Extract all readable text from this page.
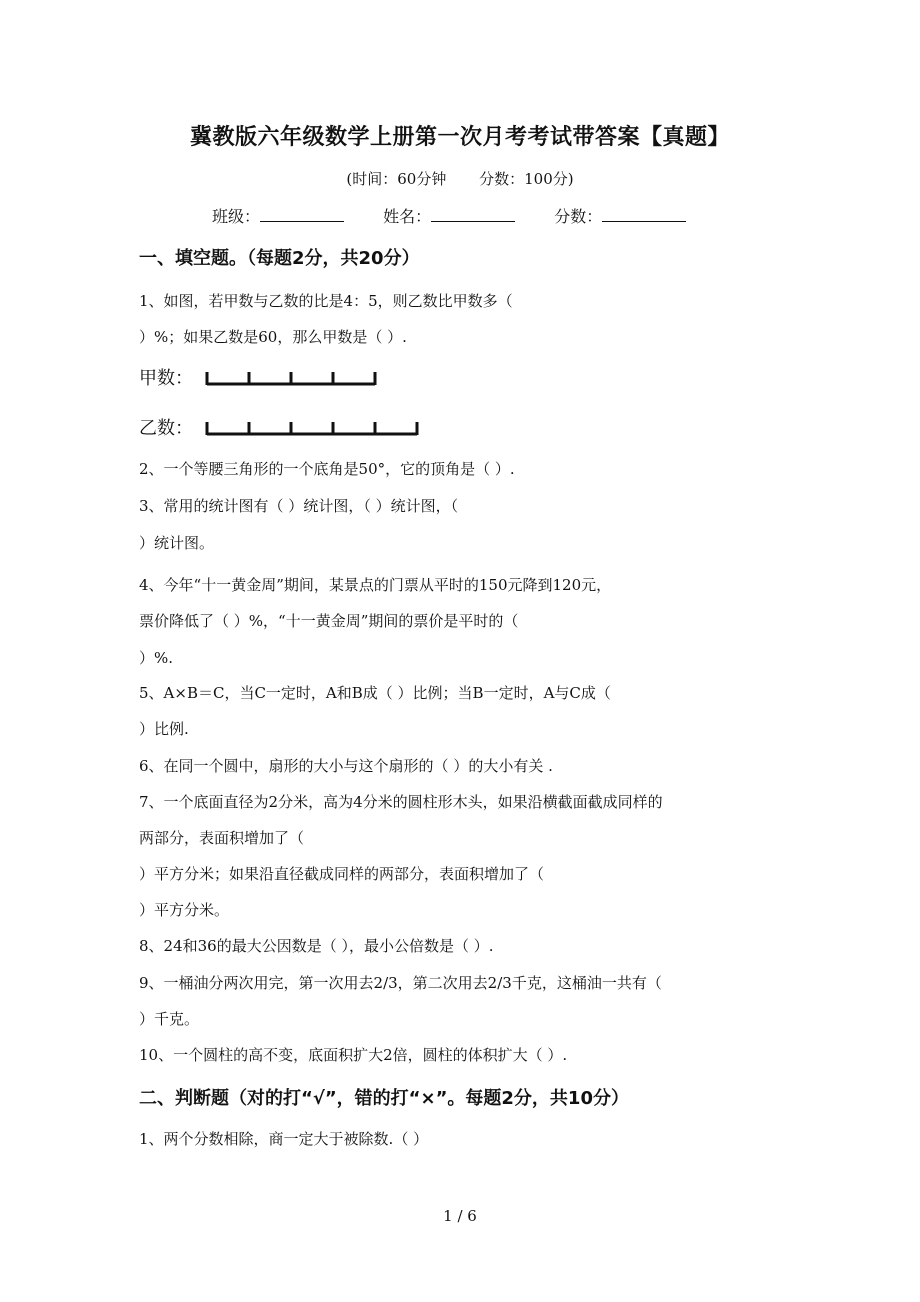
冀教版六年级数学上册第一次月考考试带答案【真题】
(时间：60分钟 分数：100分)
班级：	姓名：	分数：
一、填空题。（每题2分，共20分）
1、如图，若甲数与乙数的比是4：5，则乙数比甲数多（
）%；如果乙数是60，那么甲数是（ ）.
甲数：
乙数：
2、一个等腰三角形的一个底角是50°，它的顶角是（ ）.
3、常用的统计图有（ ）统计图，（ ）统计图，（
）统计图。
4、今年“十一黄金周”期间，某景点的门票从平时的150元降到120元，
票价降低了（ ）%，“十一黄金周”期间的票价是平时的（
）%.
5、A×B＝C，当C一定时，A和B成（ ）比例；当B一定时，A与C成（
）比例.
6、在同一个圆中，扇形的大小与这个扇形的（ ）的大小有关 .
7、一个底面直径为2分米，高为4分米的圆柱形木头，如果沿横截面截成同样的
两部分，表面积增加了（
）平方分米；如果沿直径截成同样的两部分，表面积增加了（
）平方分米。
8、24和36的最大公因数是（ ），最小公倍数是（ ）.
9、一桶油分两次用完，第一次用去2/3，第二次用去2/3千克，这桶油一共有（
）千克。
10、一个圆柱的高不变，底面积扩大2倍，圆柱的体积扩大（ ）.
二、判断题（对的打“√”，错的打“×”。每题2分，共10分）
1、两个分数相除，商一定大于被除数.（ ）
1 / 6
